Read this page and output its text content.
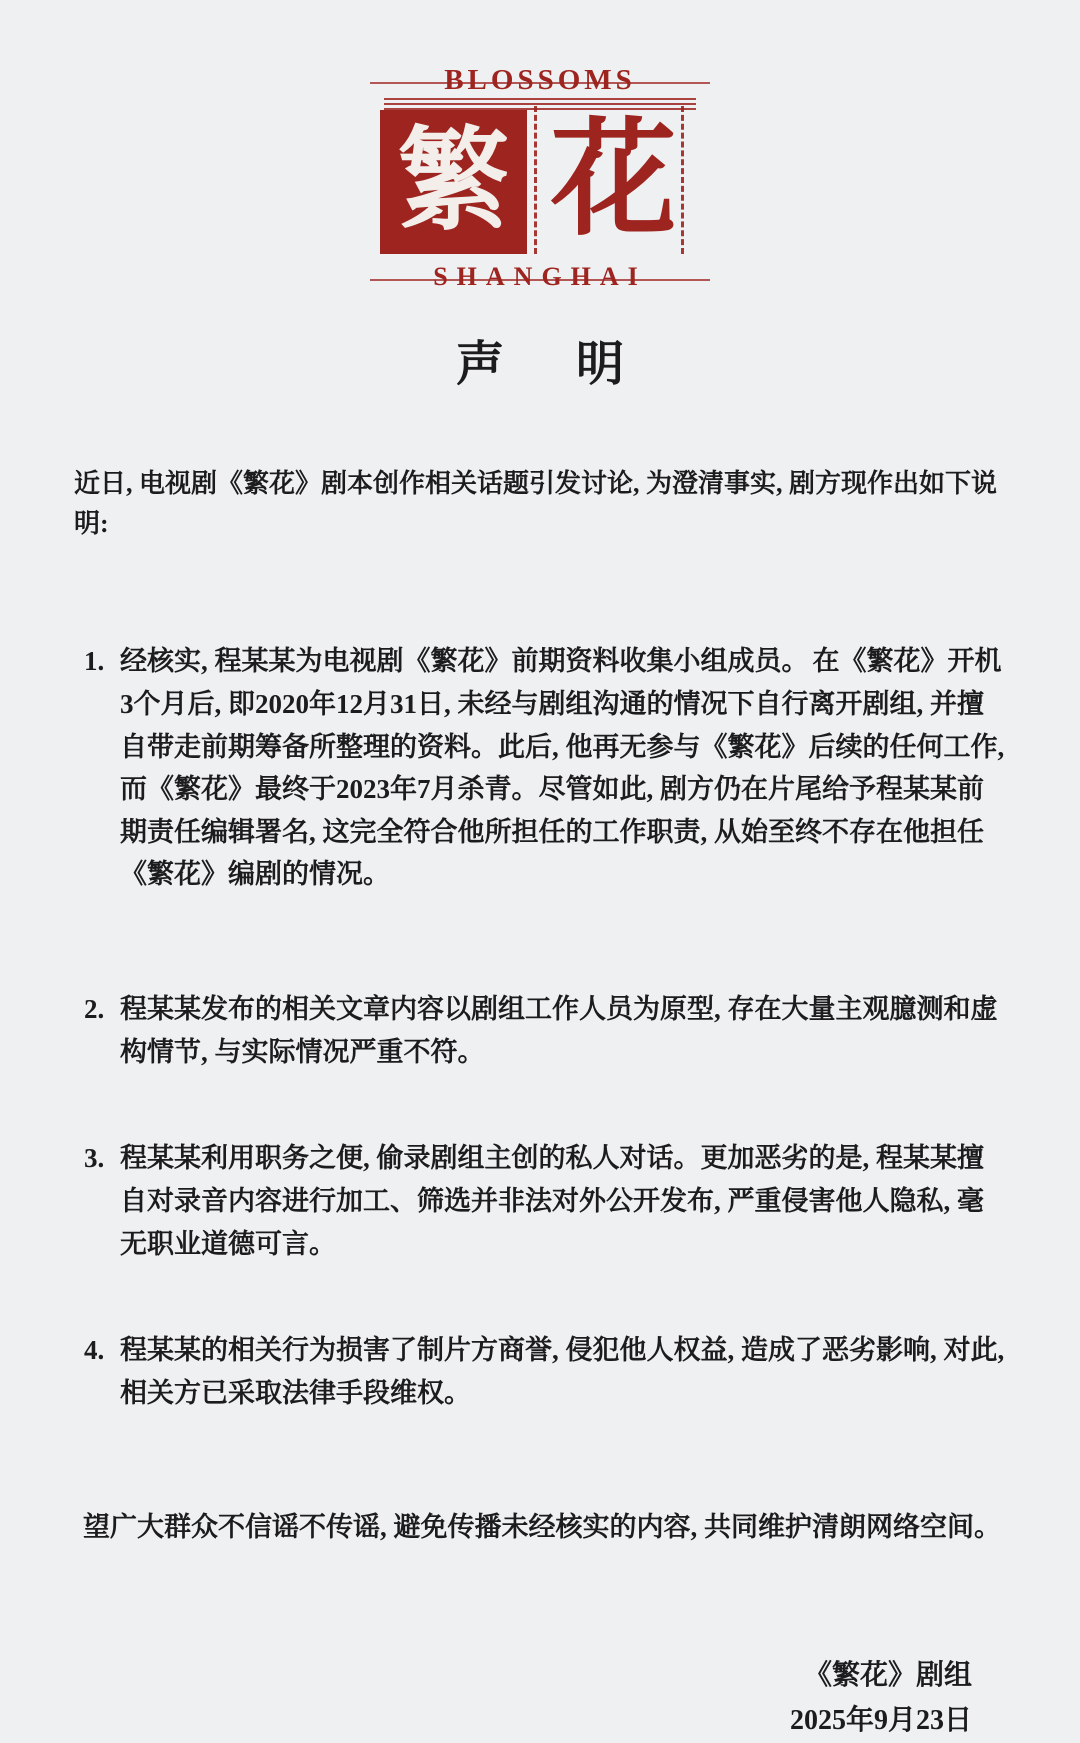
BLOSSOMS
繁 花
SHANGHAI
声明

近日, 电视剧《繁花》剧本创作相关话题引发讨论, 为澄清事实, 剧方现作出如下说明:

1. 经核实, 程某某为电视剧《繁花》前期资料收集小组成员。 在《繁花》开机3个月后, 即2020年12月31日, 未经与剧组沟通的情况下自行离开剧组, 并擅自带走前期筹备所整理的资料。此后, 他再无参与《繁花》后续的任何工作, 而《繁花》最终于2023年7月杀青。尽管如此, 剧方仍在片尾给予程某某前期责任编辑署名, 这完全符合他所担任的工作职责, 从始至终不存在他担任《繁花》编剧的情况。
2. 程某某发布的相关文章内容以剧组工作人员为原型, 存在大量主观臆测和虚构情节, 与实际情况严重不符。
3. 程某某利用职务之便, 偷录剧组主创的私人对话。更加恶劣的是, 程某某擅自对录音内容进行加工、筛选并非法对外公开发布, 严重侵害他人隐私, 毫无职业道德可言。
4. 程某某的相关行为损害了制片方商誉, 侵犯他人权益, 造成了恶劣影响, 对此, 相关方已采取法律手段维权。

望广大群众不信谣不传谣, 避免传播未经核实的内容, 共同维护清朗网络空间。

《繁花》剧组
2025年9月23日
